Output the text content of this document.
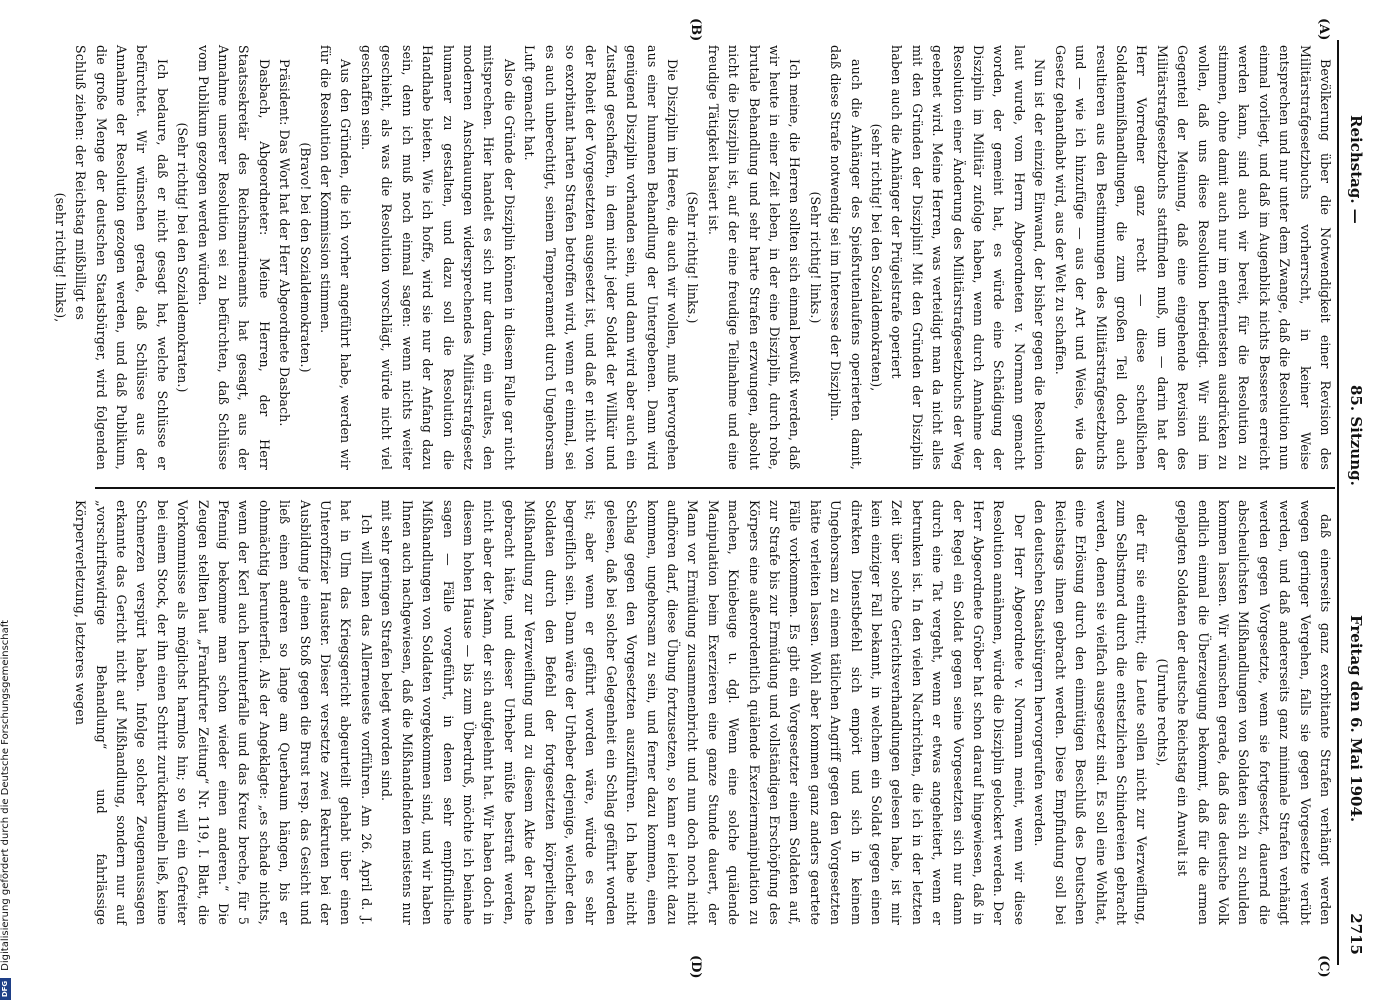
Reichstag. —
85. Sitzung.
Freitag den 6. Mai 1904.
2715
(A)
(B)
(C)
(D)

Bevölkerung über die Notwendigkeit einer Revision des Militärstrafgesetzbuchs vorherrscht, in keiner Weise entsprechen und nur unter dem Zwange, daß die Resolution nun einmal vorliegt, und daß im Augenblick nichts Besseres erreicht werden kann, sind auch wir bereit, für die Resolution zu stimmen, ohne damit auch nur im entferntesten ausdrücken zu wollen, daß uns diese Resolution befriedigt. Wir sind im Gegenteil der Meinung, daß eine eingehende Revision des Militärstrafgesetzbuchs stattfinden muß, um — darin hat der Herr Vorredner ganz recht — diese scheußlichen Soldatenmißhandlungen, die zum großen Teil doch auch resultieren aus den Bestimmungen des Militärstrafgesetzbuchs und — wie ich hinzufüge — aus der Art und Weise, wie das Gesetz gehandhabt wird, aus der Welt zu schaffen.

Nun ist der einzige Einwand, der bisher gegen die Resolution laut wurde, vom Herrn Abgeordneten v. Normann gemacht worden, der gemeint hat, es würde eine Schädigung der Disziplin im Militär zufolge haben, wenn durch Annahme der Resolution einer Änderung des Militärstrafgesetzbuchs der Weg geebnet wird. Meine Herren, was verteidigt man da nicht alles mit den Gründen der Disziplin! Mit den Gründen der Disziplin haben auch die Anhänger der Prügelstrafe operiert

(sehr richtig! bei den Sozialdemokraten),

auch die Anhänger des Spießrutenlaufens operierten damit, daß diese Strafe notwendig sei im Interesse der Disziplin.

(Sehr richtig! links.)

Ich meine, die Herren sollten sich einmal bewußt werden, daß wir heute in einer Zeit leben, in der eine Disziplin, durch rohe, brutale Behandlung und sehr harte Strafen erzwungen, absolut nicht die Disziplin ist, auf der eine freudige Teilnahme und eine freudige Tätigkeit basiert ist.

(Sehr richtig! links.)

Die Disziplin im Heere, die auch wir wollen, muß hervorgehen aus einer humanen Behandlung der Untergebenen. Dann wird genügend Disziplin vorhanden sein, und dann wird aber auch ein Zustand geschaffen, in dem nicht jeder Soldat der Willkür und der Roheit der Vorgesetzten ausgesetzt ist, und daß er nicht von so exorbitant harten Strafen betroffen wird, wenn er einmal, sei es auch unberechtigt, seinem Temperament durch Ungehorsam Luft gemacht hat.

Also die Gründe der Disziplin können in diesem Falle gar nicht mitsprechen. Hier handelt es sich nur darum, ein uraltes, den modernen Anschauungen widersprechendes Militärstrafgesetz humaner zu gestalten, und dazu soll die Resolution die Handhabe bieten. Wie ich hoffe, wird sie nur der Anfang dazu sein, denn ich muß noch einmal sagen: wenn nichts weiter geschieht, als was die Resolution vorschlägt, würde nicht viel geschaffen sein.

Aus den Gründen, die ich vorher angeführt habe, werden wir für die Resolution der Kommission stimmen.

(Bravo! bei den Sozialdemokraten.)

Präsident: Das Wort hat der Herr Abgeordnete Dasbach.

Dasbach, Abgeordneter: Meine Herren, der Herr Staatssekretär des Reichsmarineamts hat gesagt, aus der Annahme unserer Resolution sei zu befürchten, daß Schlüsse vom Publikum gezogen werden würden.

(Sehr richtig! bei den Sozialdemokraten.)

Ich bedaure, daß er nicht gesagt hat, welche Schlüsse er befürchtet. Wir wünschen gerade, daß Schlüsse aus der Annahme der Resolution gezogen werden, und daß Publikum, die große Menge der deutschen Staatsbürger, wird folgenden Schluß ziehen: der Reichstag mißbilligt es

(sehr richtig! links),

daß einerseits ganz exorbitante Strafen verhängt werden wegen geringer Vergehen, falls sie gegen Vorgesetzte verübt werden, und daß andererseits ganz minimale Strafen verhängt werden gegen Vorgesetzte, wenn sie fortgesetzt, dauernd die abscheulichsten Mißhandlungen von Soldaten sich zu schulden kommen lassen. Wir wünschen gerade, daß das deutsche Volk endlich einmal die Überzeugung bekommt, daß für die armen geplagten Soldaten der deutsche Reichstag ein Anwalt ist

(Unruhe rechts),

der für sie eintritt; die Leute sollen nicht zur Verzweiflung, zum Selbstmord durch die entsetzlichen Schindereien gebracht werden, denen sie vielfach ausgesetzt sind. Es soll eine Wohltat, eine Erlösung durch den einmütigen Beschluß des Deutschen Reichstags ihnen gebracht werden. Diese Empfindung soll bei den deutschen Staatsbürgern hervorgerufen werden.

Der Herr Abgeordnete v. Normann meint, wenn wir diese Resolution annähmen, würde die Disziplin gelockert werden. Der Herr Abgeordnete Gröber hat schon darauf hingewiesen, daß in der Regel ein Soldat gegen seine Vorgesetzten sich nur dann durch eine Tat vergeht, wenn er etwas angeheitert, wenn er betrunken ist. In den vielen Nachrichten, die ich in der letzten Zeit über solche Gerichtsverhandlungen gelesen habe, ist mir kein einziger Fall bekannt, in welchem ein Soldat gegen einen direkten Dienstbefehl sich empört und sich in keinem Ungehorsam zu einem tätlichen Angriff gegen den Vorgesetzten hätte verleiten lassen. Wohl aber kommen ganz anders geartete Fälle vorkommen. Es gibt ein Vorgesetzter einem Soldaten auf, zur Strafe bis zur Ermüdung und vollständigen Erschöpfung des Körpers eine außerordentlich quälende Exerziermanipulation zu machen, Kniebeuge u. dgl. Wenn eine solche quälende Manipulation beim Exerzieren eine ganze Stunde dauert, der Mann vor Ermüdung zusammenbricht und nun doch noch nicht aufhören darf, diese Übung fortzusetzen, so kann er leicht dazu kommen, ungehorsam zu sein, und ferner dazu kommen, einen Schlag gegen den Vorgesetzten auszuführen. Ich habe nicht gelesen, daß bei solcher Gelegenheit ein Schlag geführt worden ist; aber wenn er geführt worden wäre, würde es sehr begreiflich sein. Dann wäre der Urheber derjenige, welcher den Soldaten durch den Befehl der fortgesetzten körperlichen Mißhandlung zur Verzweiflung und zu diesem Akte der Rache gebracht hätte, und dieser Urheber müßte bestraft werden, nicht aber der Mann, der sich aufgelehnt hat. Wir haben doch in diesem hohen Hause — bis zum Überdruß, möchte ich beinahe sagen — Fälle vorgeführt, in denen sehr empfindliche Mißhandlungen von Soldaten vorgekommen sind, und wir haben Ihnen auch nachgewiesen, daß die Mißhandelnden meistens nur mit sehr geringen Strafen belegt worden sind.

Ich will Ihnen das Allerneueste vorführen. Am 26. April d. J. hat in Ulm das Kriegsgericht abgeurteilt gehabt über einen Unteroffizier Hauster. Dieser versetzte zwei Rekruten bei der Ausbildung je einen Stoß gegen die Brust resp. das Gesicht und ließ einen anderen so lange am Querbaum hängen, bis er ohnmächtig herunterfiel. Als der Angeklagte: „es schade nichts, wenn der Kerl auch herunterfalle und das Kreuz breche, für 5 Pfennig bekomme man schon wieder einen anderen.“ Die Zeugen stellten laut „Frankfurter Zeitung“ Nr. 119, I. Blatt, die Vorkommnisse als möglichst harmlos hin; so will ein Gefreiter bei einem Stock, der ihn einen Schritt zurücktaumeln ließ, keine Schmerzen verspürt haben. Infolge solcher Zeugenaussagen erkannte das Gericht nicht auf Mißhandlung, sondern nur auf „vorschriftswidrige Behandlung“ und fahrlässige Körperverletzung, letzteres wegen

DFG Digitalisierung gefördert durch die Deutsche Forschungsgemeinschaft
